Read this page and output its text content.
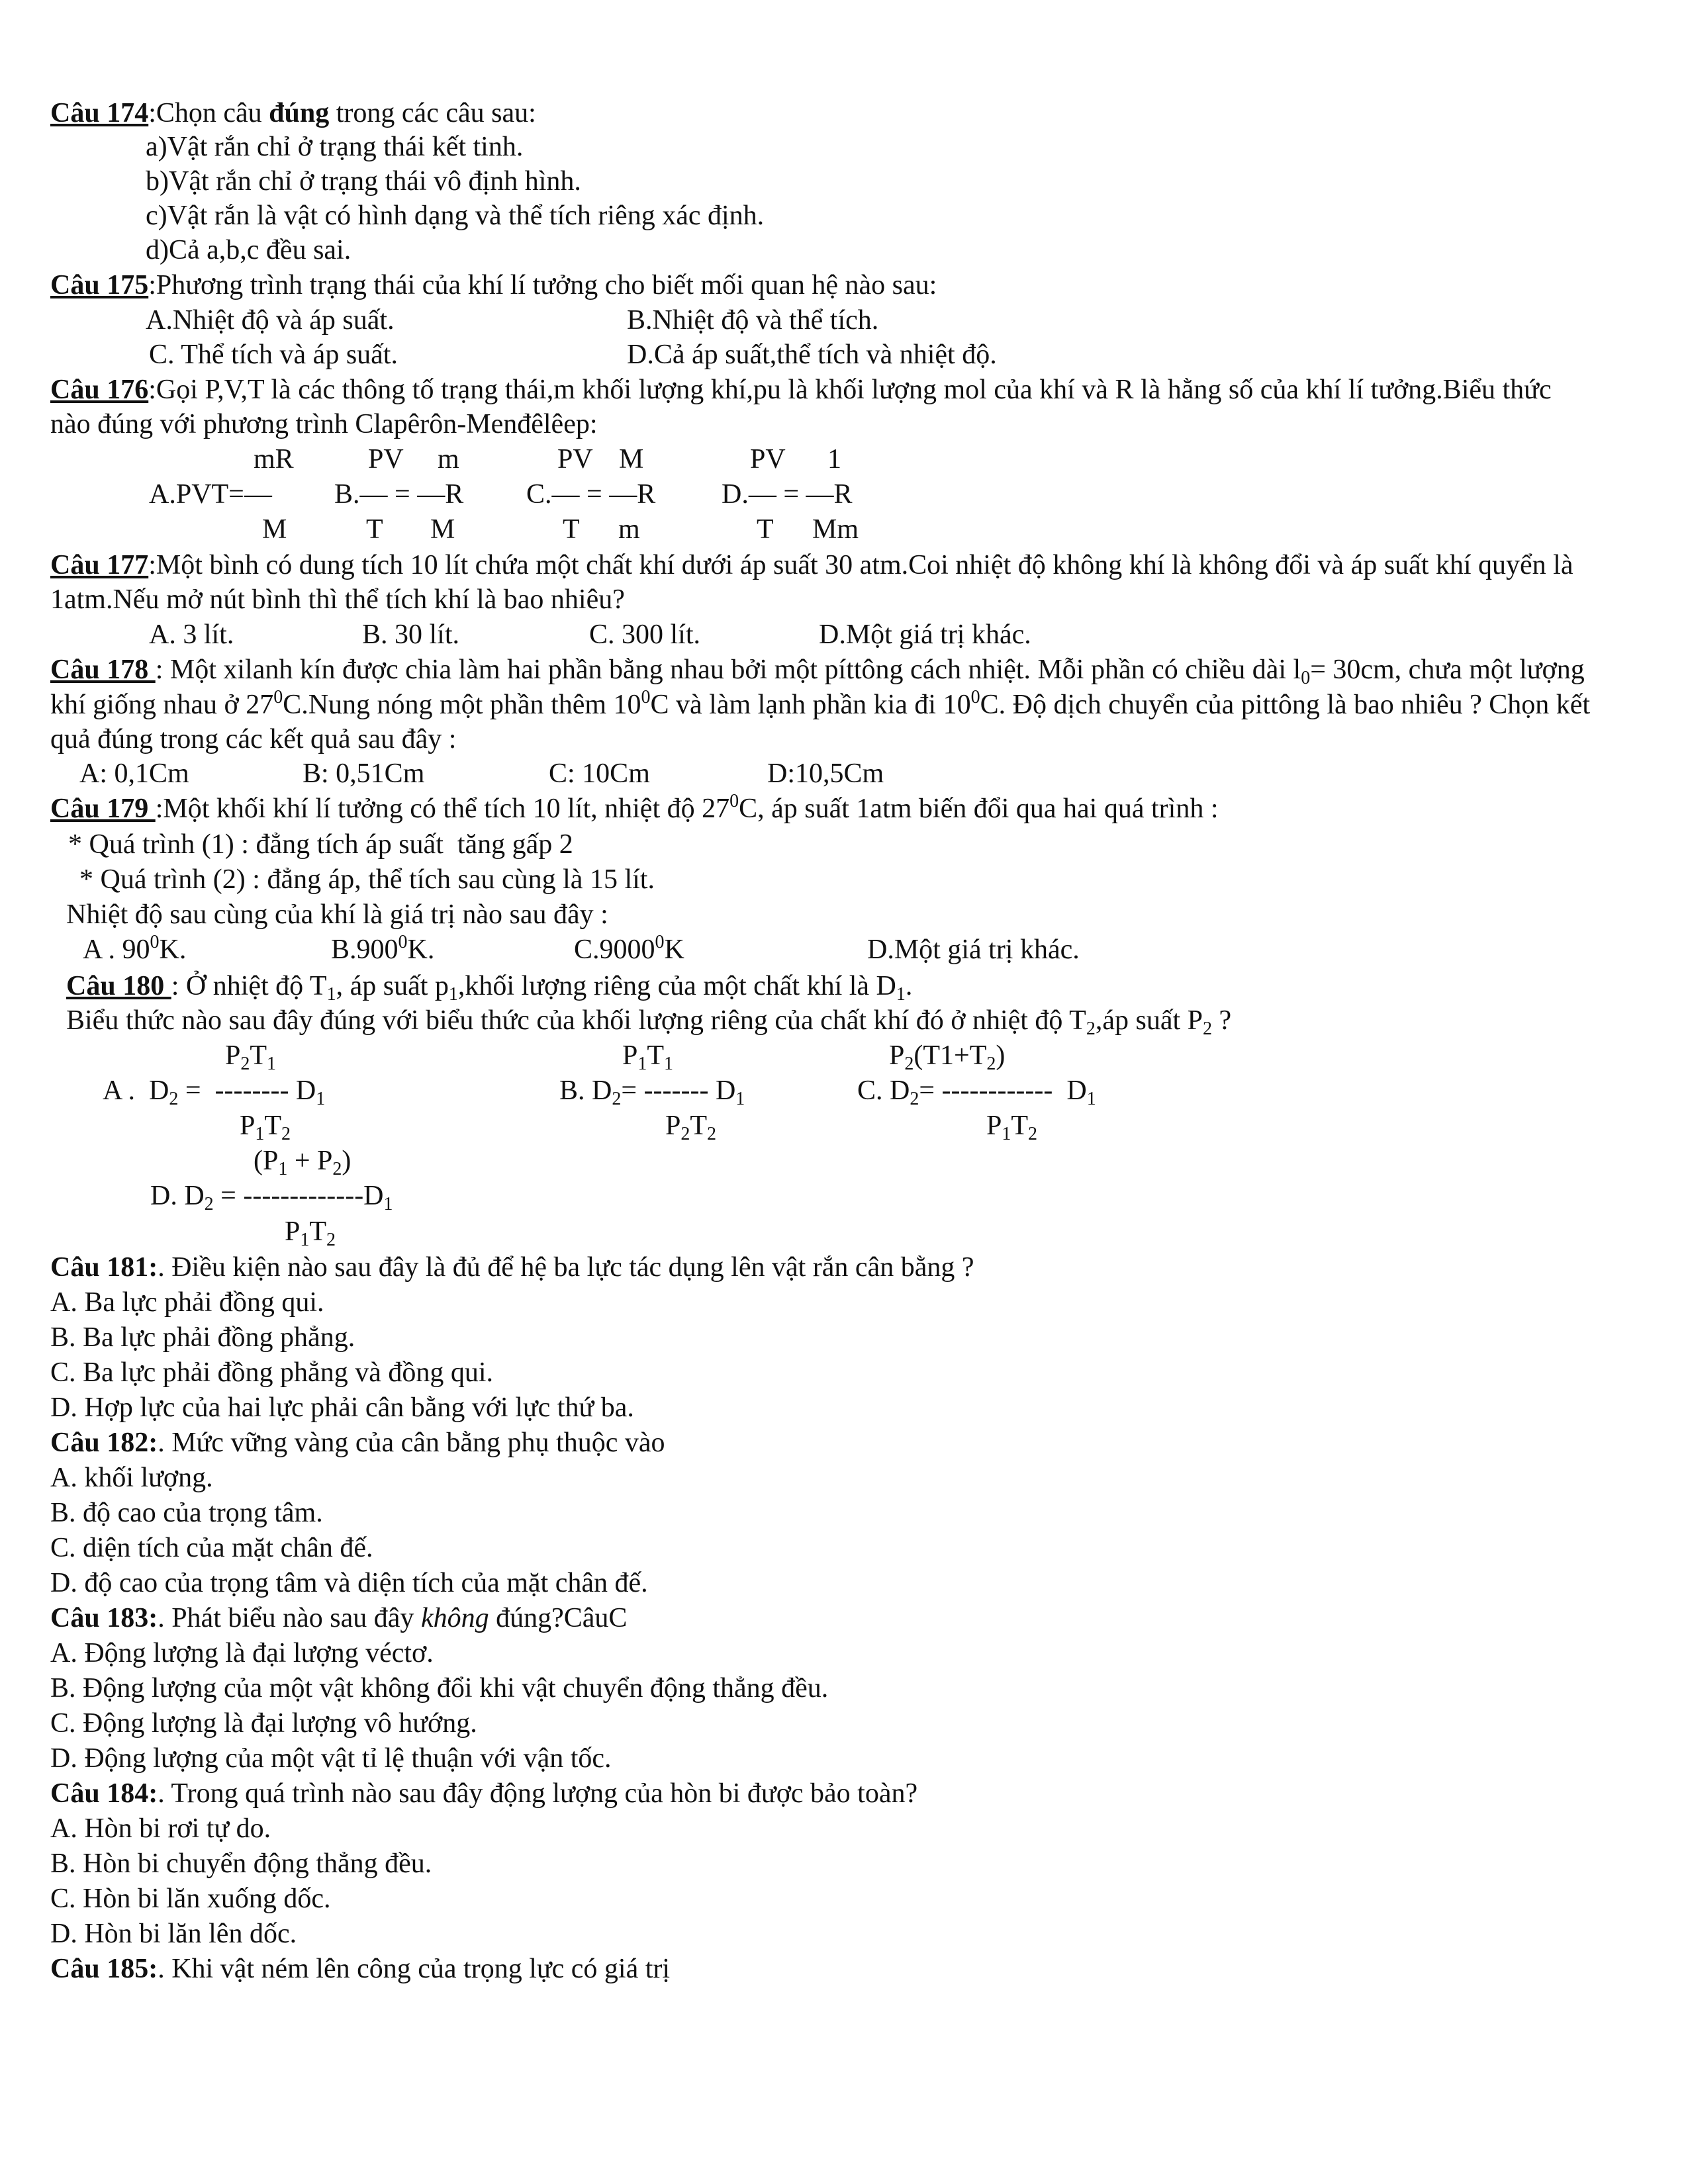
Câu 174:Chọn câu đúng trong các câu sau:
a)Vật rắn chỉ ở trạng thái kết tinh.
b)Vật rắn chỉ ở trạng thái vô định hình.
c)Vật rắn là vật có hình dạng và thể tích riêng xác định.
d)Cả a,b,c đều sai.
Câu 175:Phương trình trạng thái của khí lí tưởng cho biết mối quan hệ nào sau:
A.Nhiệt độ và áp suất.	B.Nhiệt độ và thể tích.
C. Thể tích và áp suất.	D.Cả áp suất,thể tích và nhiệt độ.
Câu 176:Gọi P,V,T là các thông tố trạng thái,m khối lượng khí,pu là khối lượng mol của khí và R là hằng số của khí lí tưởng.Biểu thức
nào đúng với phương trình Clapêrôn-Menđêlêep:
mR	PV m	PV M	PV 1
A.PVT=— B.— = —R C.— = —R D.— = —R
M	T M	T m	T Mm
Câu 177:Một bình có dung tích 10 lít chứa một chất khí dưới áp suất 30 atm.Coi nhiệt độ không khí là không đổi và áp suất khí quyển là
1atm.Nếu mở nút bình thì thể tích khí là bao nhiêu?
A. 3 lít.	B. 30 lít.	C. 300 lít.	D.Một giá trị khác.
Câu 178 : Một xilanh kín được chia làm hai phần bằng nhau bởi một píttông cách nhiệt. Mỗi phần có chiều dài $l_0= 30cm$, chưa một lượng
khí giống nhau ở $27^0C.Nung$ nóng một phần thêm $10^0C$ và làm lạnh phần kia đi $10^0C$. Độ dịch chuyển của pittông là bao nhiêu ? Chọn kết
quả đúng trong các kết quả sau đây :
A: 0,1Cm	B: 0,51Cm	C: 10Cm	D:10,5Cm
Câu 179 :Một khối khí lí tưởng có thể tích 10 lít, nhiệt độ $27^0C$, áp suất 1atm biến đổi qua hai quá trình :
* Quá trình (1) : đẳng tích áp suất  tăng gấp 2
* Quá trình (2) : đẳng áp, thể tích sau cùng là 15 lít.
Nhiệt độ sau cùng của khí là giá trị nào sau đây :
A . $90^0K$.	B.900$^0$K.	C.9000$^0$K	D.Một giá trị khác.
Câu 180 : Ở nhiệt độ $T_1$, áp suất $p_1,khối$ lượng riêng của một chất khí là $D_1$.
Biểu thức nào sau đây đúng với biểu thức của khối lượng riêng của chất khí đó ở nhiệt độ $T_2,áp$ suất $P_2$ ?
$P_2T_1$	$P_1T_1$	$P_2(T1+T_2)$
A .  $D_2$ =  -------- $D_1$	B. $D_2=$ ------- $D_1$	C. $D_2=$ ------------  $D_1$
$P_1T_2$	$P_2T_2$	$P_1T_2$
$(P_1 + P_2)$
D. $D_2 = -------------D_1$
$P_1T_2$
Câu 181:. Điều kiện nào sau đây là đủ để hệ ba lực tác dụng lên vật rắn cân bằng ?
A. Ba lực phải đồng qui.
B. Ba lực phải đồng phẳng.
C. Ba lực phải đồng phẳng và đồng qui.
D. Hợp lực của hai lực phải cân bằng với lực thứ ba.
Câu 182:. Mức vững vàng của cân bằng phụ thuộc vào
A. khối lượng.
B. độ cao của trọng tâm.
C. diện tích của mặt chân đế.
D. độ cao của trọng tâm và diện tích của mặt chân đế.
Câu 183:. Phát biểu nào sau đây không đúng?CâuC
A. Động lượng là đại lượng véctơ.
B. Động lượng của một vật không đổi khi vật chuyển động thẳng đều.
C. Động lượng là đại lượng vô hướng.
D. Động lượng của một vật tỉ lệ thuận với vận tốc.
Câu 184:. Trong quá trình nào sau đây động lượng của hòn bi được bảo toàn?
A. Hòn bi rơi tự do.
B. Hòn bi chuyển động thẳng đều.
C. Hòn bi lăn xuống dốc.
D. Hòn bi lăn lên dốc.
Câu 185:. Khi vật ném lên công của trọng lực có giá trị
